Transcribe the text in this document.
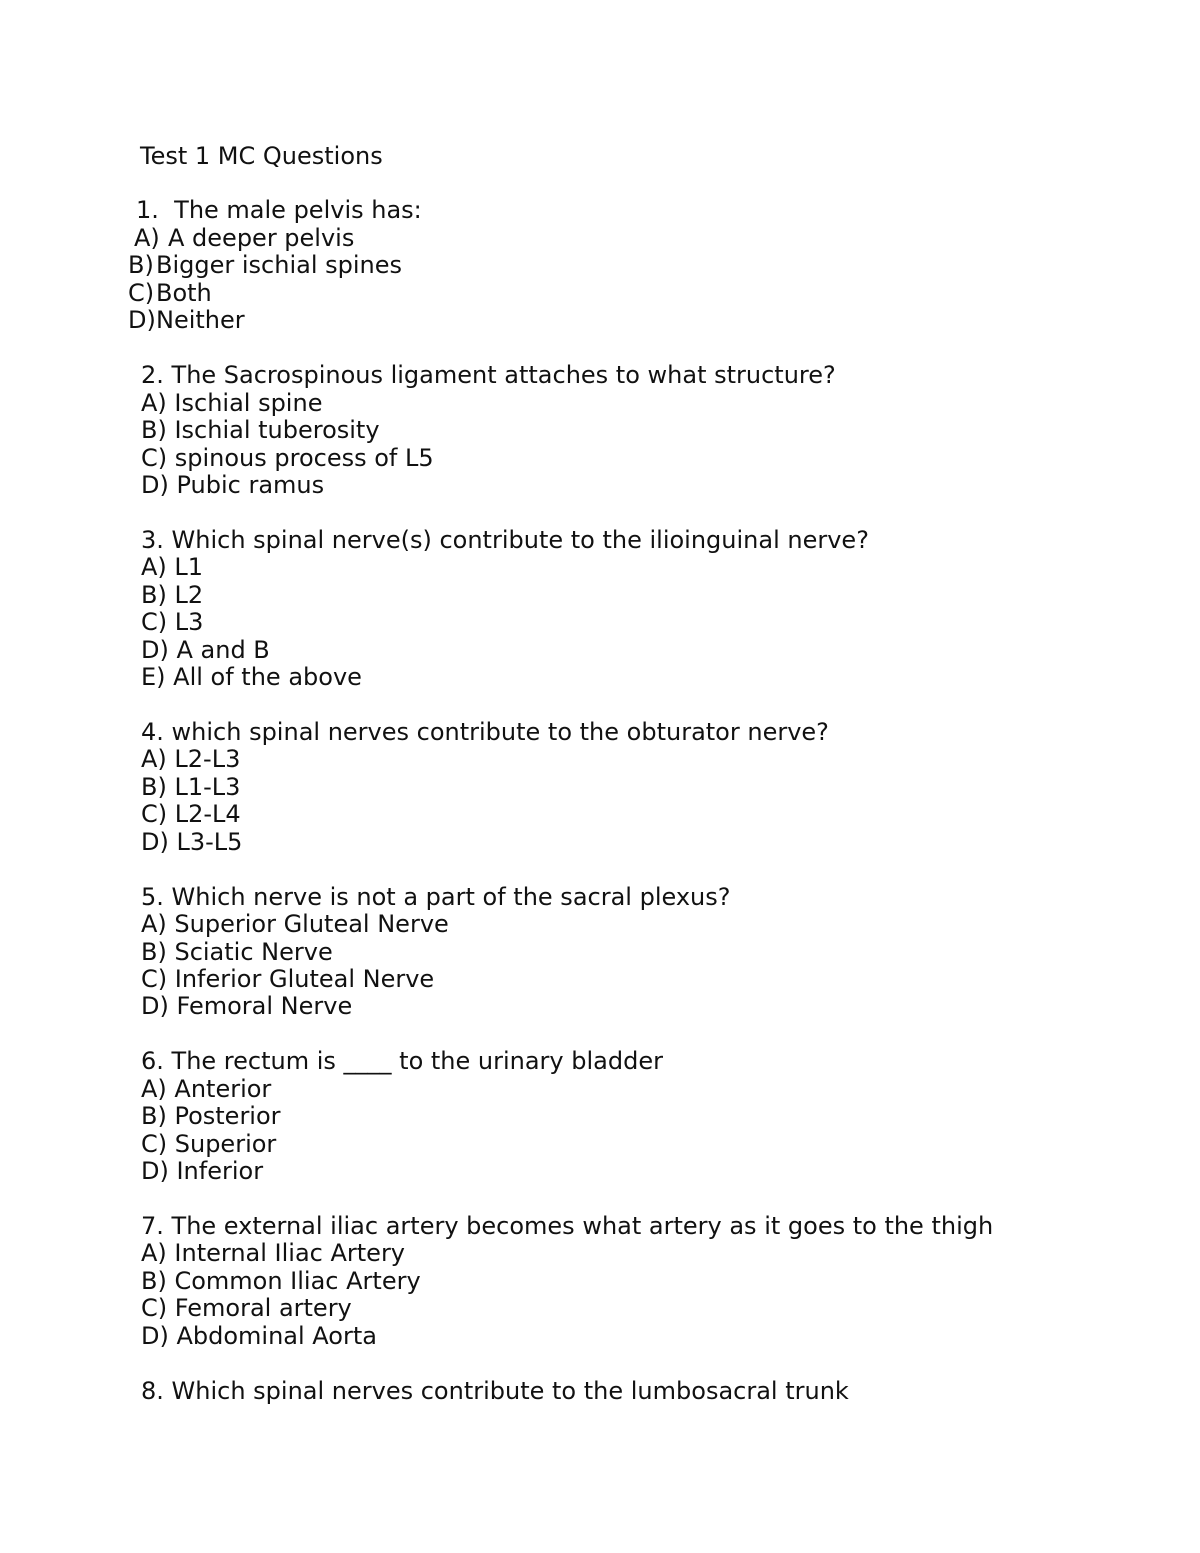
Test 1 MC Questions
1.  The male pelvis has:
A) A deeper pelvis
B) Bigger ischial spines
C) Both
D) Neither
2. The Sacrospinous ligament attaches to what structure?
A) Ischial spine
B) Ischial tuberosity
C) spinous process of L5
D) Pubic ramus
3. Which spinal nerve(s) contribute to the ilioinguinal nerve?
A) L1
B) L2
C) L3
D) A and B
E) All of the above
4. which spinal nerves contribute to the obturator nerve?
A) L2-L3
B) L1-L3
C) L2-L4
D) L3-L5
5. Which nerve is not a part of the sacral plexus?
A) Superior Gluteal Nerve
B) Sciatic Nerve
C) Inferior Gluteal Nerve
D) Femoral Nerve
6. The rectum is ____ to the urinary bladder
A) Anterior
B) Posterior
C) Superior
D) Inferior
7. The external iliac artery becomes what artery as it goes to the thigh
A) Internal Iliac Artery
B) Common Iliac Artery
C) Femoral artery
D) Abdominal Aorta
8. Which spinal nerves contribute to the lumbosacral trunk
